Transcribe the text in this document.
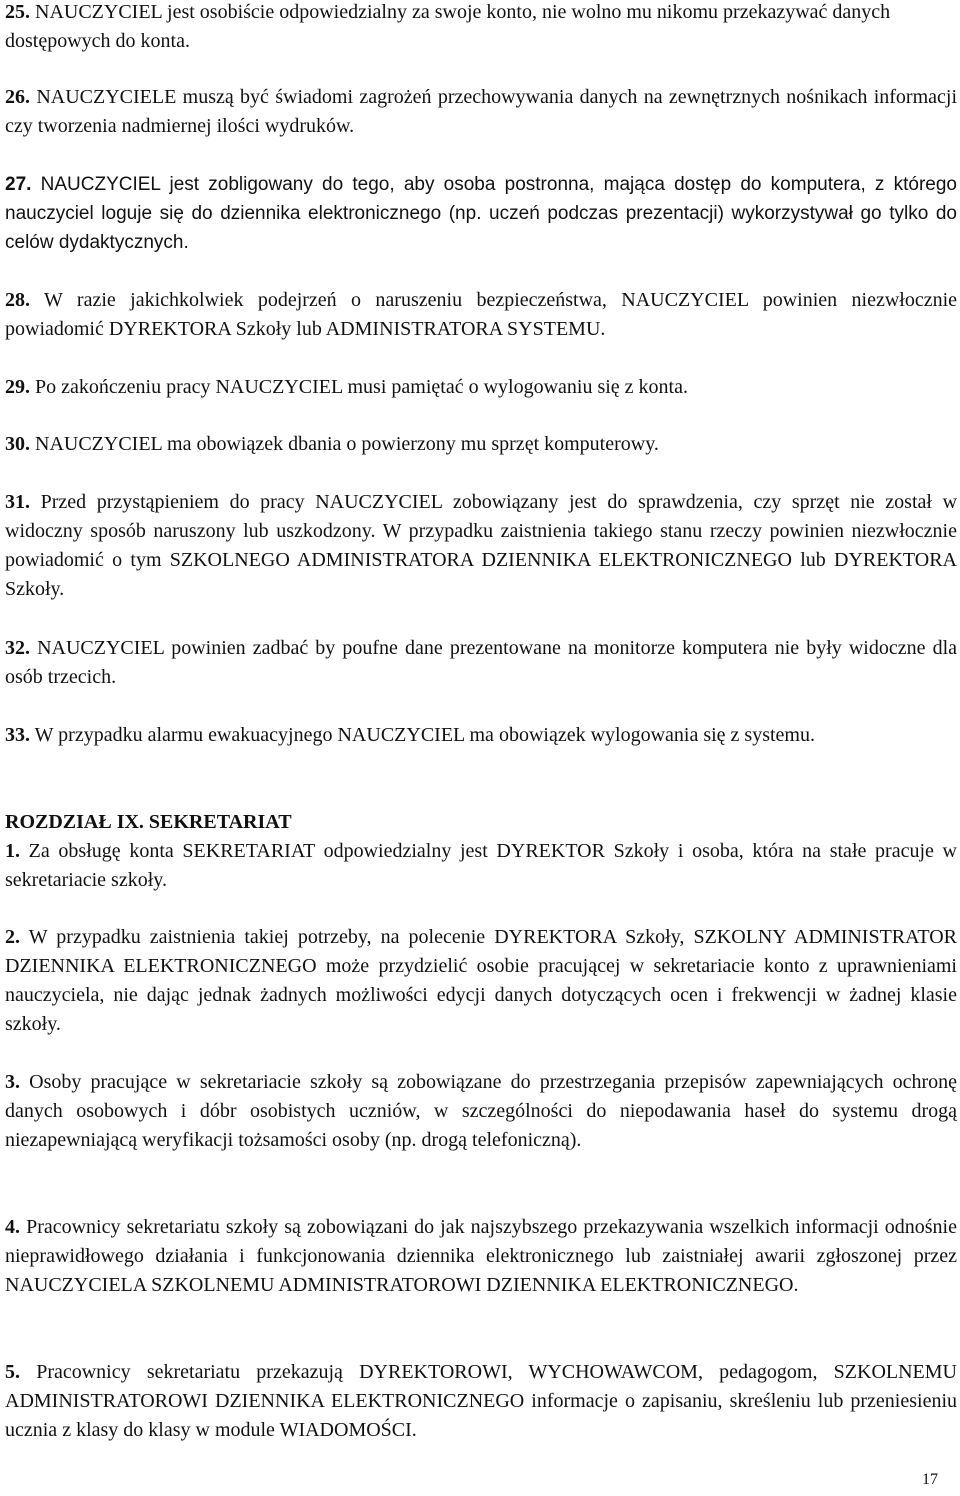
25. NAUCZYCIEL jest osobiście odpowiedzialny za swoje konto, nie wolno mu nikomu przekazywać danych dostępowych do konta.

26. NAUCZYCIELE muszą być świadomi zagrożeń przechowywania danych na zewnętrznych nośnikach informacji czy tworzenia nadmiernej ilości wydruków.

27. NAUCZYCIEL jest zobligowany do tego, aby osoba postronna, mająca dostęp do komputera, z którego nauczyciel loguje się do dziennika elektronicznego (np. uczeń podczas prezentacji) wykorzystywał go tylko do celów dydaktycznych.

28. W razie jakichkolwiek podejrzeń o naruszeniu bezpieczeństwa, NAUCZYCIEL powinien niezwłocznie powiadomić DYREKTORA Szkoły lub ADMINISTRATORA SYSTEMU.

29. Po zakończeniu pracy NAUCZYCIEL musi pamiętać o wylogowaniu się z konta.

30. NAUCZYCIEL ma obowiązek dbania o powierzony mu sprzęt komputerowy.

31. Przed przystąpieniem do pracy NAUCZYCIEL zobowiązany jest do sprawdzenia, czy sprzęt nie został w widoczny sposób naruszony lub uszkodzony. W przypadku zaistnienia takiego stanu rzeczy powinien niezwłocznie powiadomić o tym SZKOLNEGO ADMINISTRATORA DZIENNIKA ELEKTRONICZNEGO lub DYREKTORA Szkoły.

32. NAUCZYCIEL powinien zadbać by poufne dane prezentowane na monitorze komputera nie były widoczne dla osób trzecich.

33. W przypadku alarmu ewakuacyjnego NAUCZYCIEL ma obowiązek wylogowania się z systemu.

ROZDZIAŁ IX. SEKRETARIAT

1. Za obsługę konta SEKRETARIAT odpowiedzialny jest DYREKTOR Szkoły i osoba, która na stałe pracuje w sekretariacie szkoły.

2. W przypadku zaistnienia takiej potrzeby, na polecenie DYREKTORA Szkoły, SZKOLNY ADMINISTRATOR DZIENNIKA ELEKTRONICZNEGO może przydzielić osobie pracującej w sekretariacie konto z uprawnieniami nauczyciela, nie dając jednak żadnych możliwości edycji danych dotyczących ocen i frekwencji w żadnej klasie szkoły.

3. Osoby pracujące w sekretariacie szkoły są zobowiązane do przestrzegania przepisów zapewniających ochronę danych osobowych i dóbr osobistych uczniów, w szczególności do niepodawania haseł do systemu drogą niezapewniającą weryfikacji tożsamości osoby (np. drogą telefoniczną).

4. Pracownicy sekretariatu szkoły są zobowiązani do jak najszybszego przekazywania wszelkich informacji odnośnie nieprawidłowego działania i funkcjonowania dziennika elektronicznego lub zaistniałej awarii zgłoszonej przez NAUCZYCIELA SZKOLNEMU ADMINISTRATOROWI DZIENNIKA ELEKTRONICZNEGO.

5. Pracownicy sekretariatu przekazują DYREKTOROWI, WYCHOWAWCOM, pedagogom, SZKOLNEMU ADMINISTRATOROWI DZIENNIKA ELEKTRONICZNEGO informacje o zapisaniu, skreśleniu lub przeniesieniu ucznia z klasy do klasy w module WIADOMOŚCI.

17
